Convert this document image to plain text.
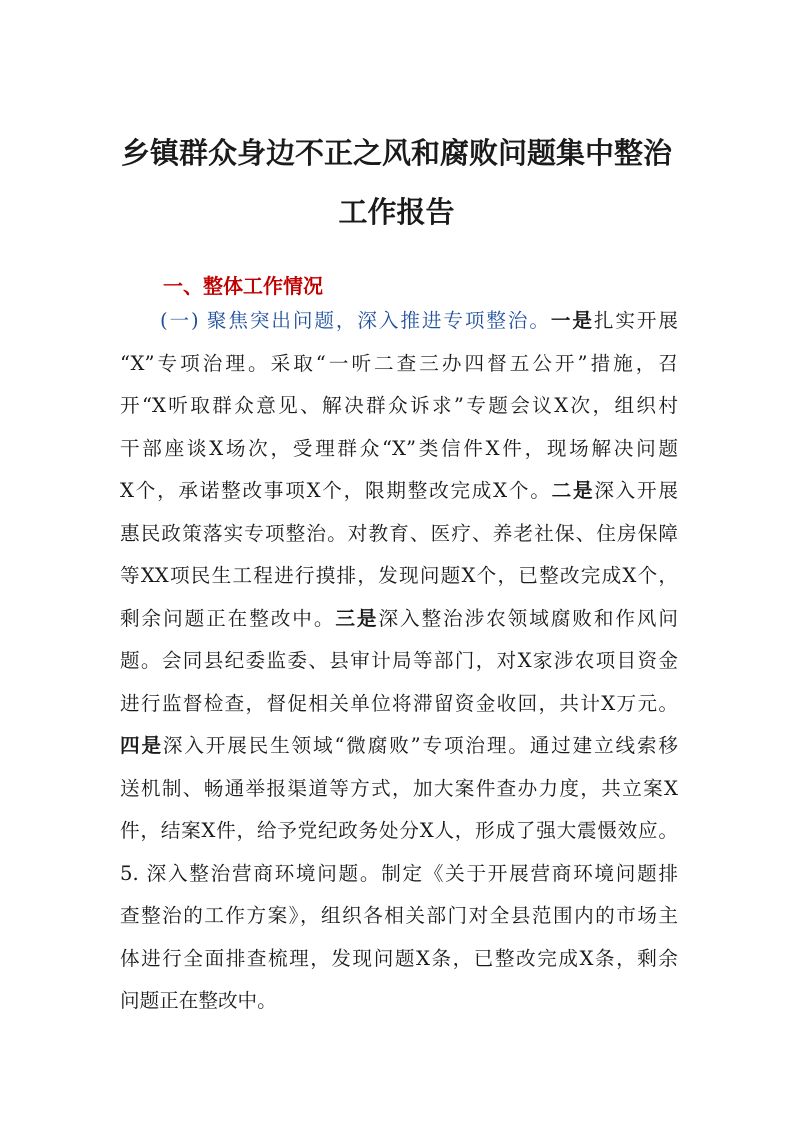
乡镇群众身边不正之风和腐败问题集中整治
工作报告
一、整体工作情况
(一) 聚焦突出问题，深入推进专项整治。一是扎实开展
“X”专项治理。采取“一听二查三办四督五公开”措施，召
开“X听取群众意见、解决群众诉求”专题会议X次，组织村
干部座谈X场次，受理群众“X”类信件X件，现场解决问题
X个，承诺整改事项X个，限期整改完成X个。二是深入开展
惠民政策落实专项整治。对教育、医疗、养老社保、住房保障
等XX项民生工程进行摸排，发现问题X个，已整改完成X个，
剩余问题正在整改中。三是深入整治涉农领域腐败和作风问
题。会同县纪委监委、县审计局等部门，对X家涉农项目资金
进行监督检查，督促相关单位将滞留资金收回，共计X万元。
四是深入开展民生领域“微腐败”专项治理。通过建立线索移
送机制、畅通举报渠道等方式，加大案件查办力度，共立案X
件，结案X件，给予党纪政务处分X人，形成了强大震慑效应。
5. 深入整治营商环境问题。制定《关于开展营商环境问题排
查整治的工作方案》，组织各相关部门对全县范围内的市场主
体进行全面排查梳理，发现问题X条，已整改完成X条，剩余
问题正在整改中。
